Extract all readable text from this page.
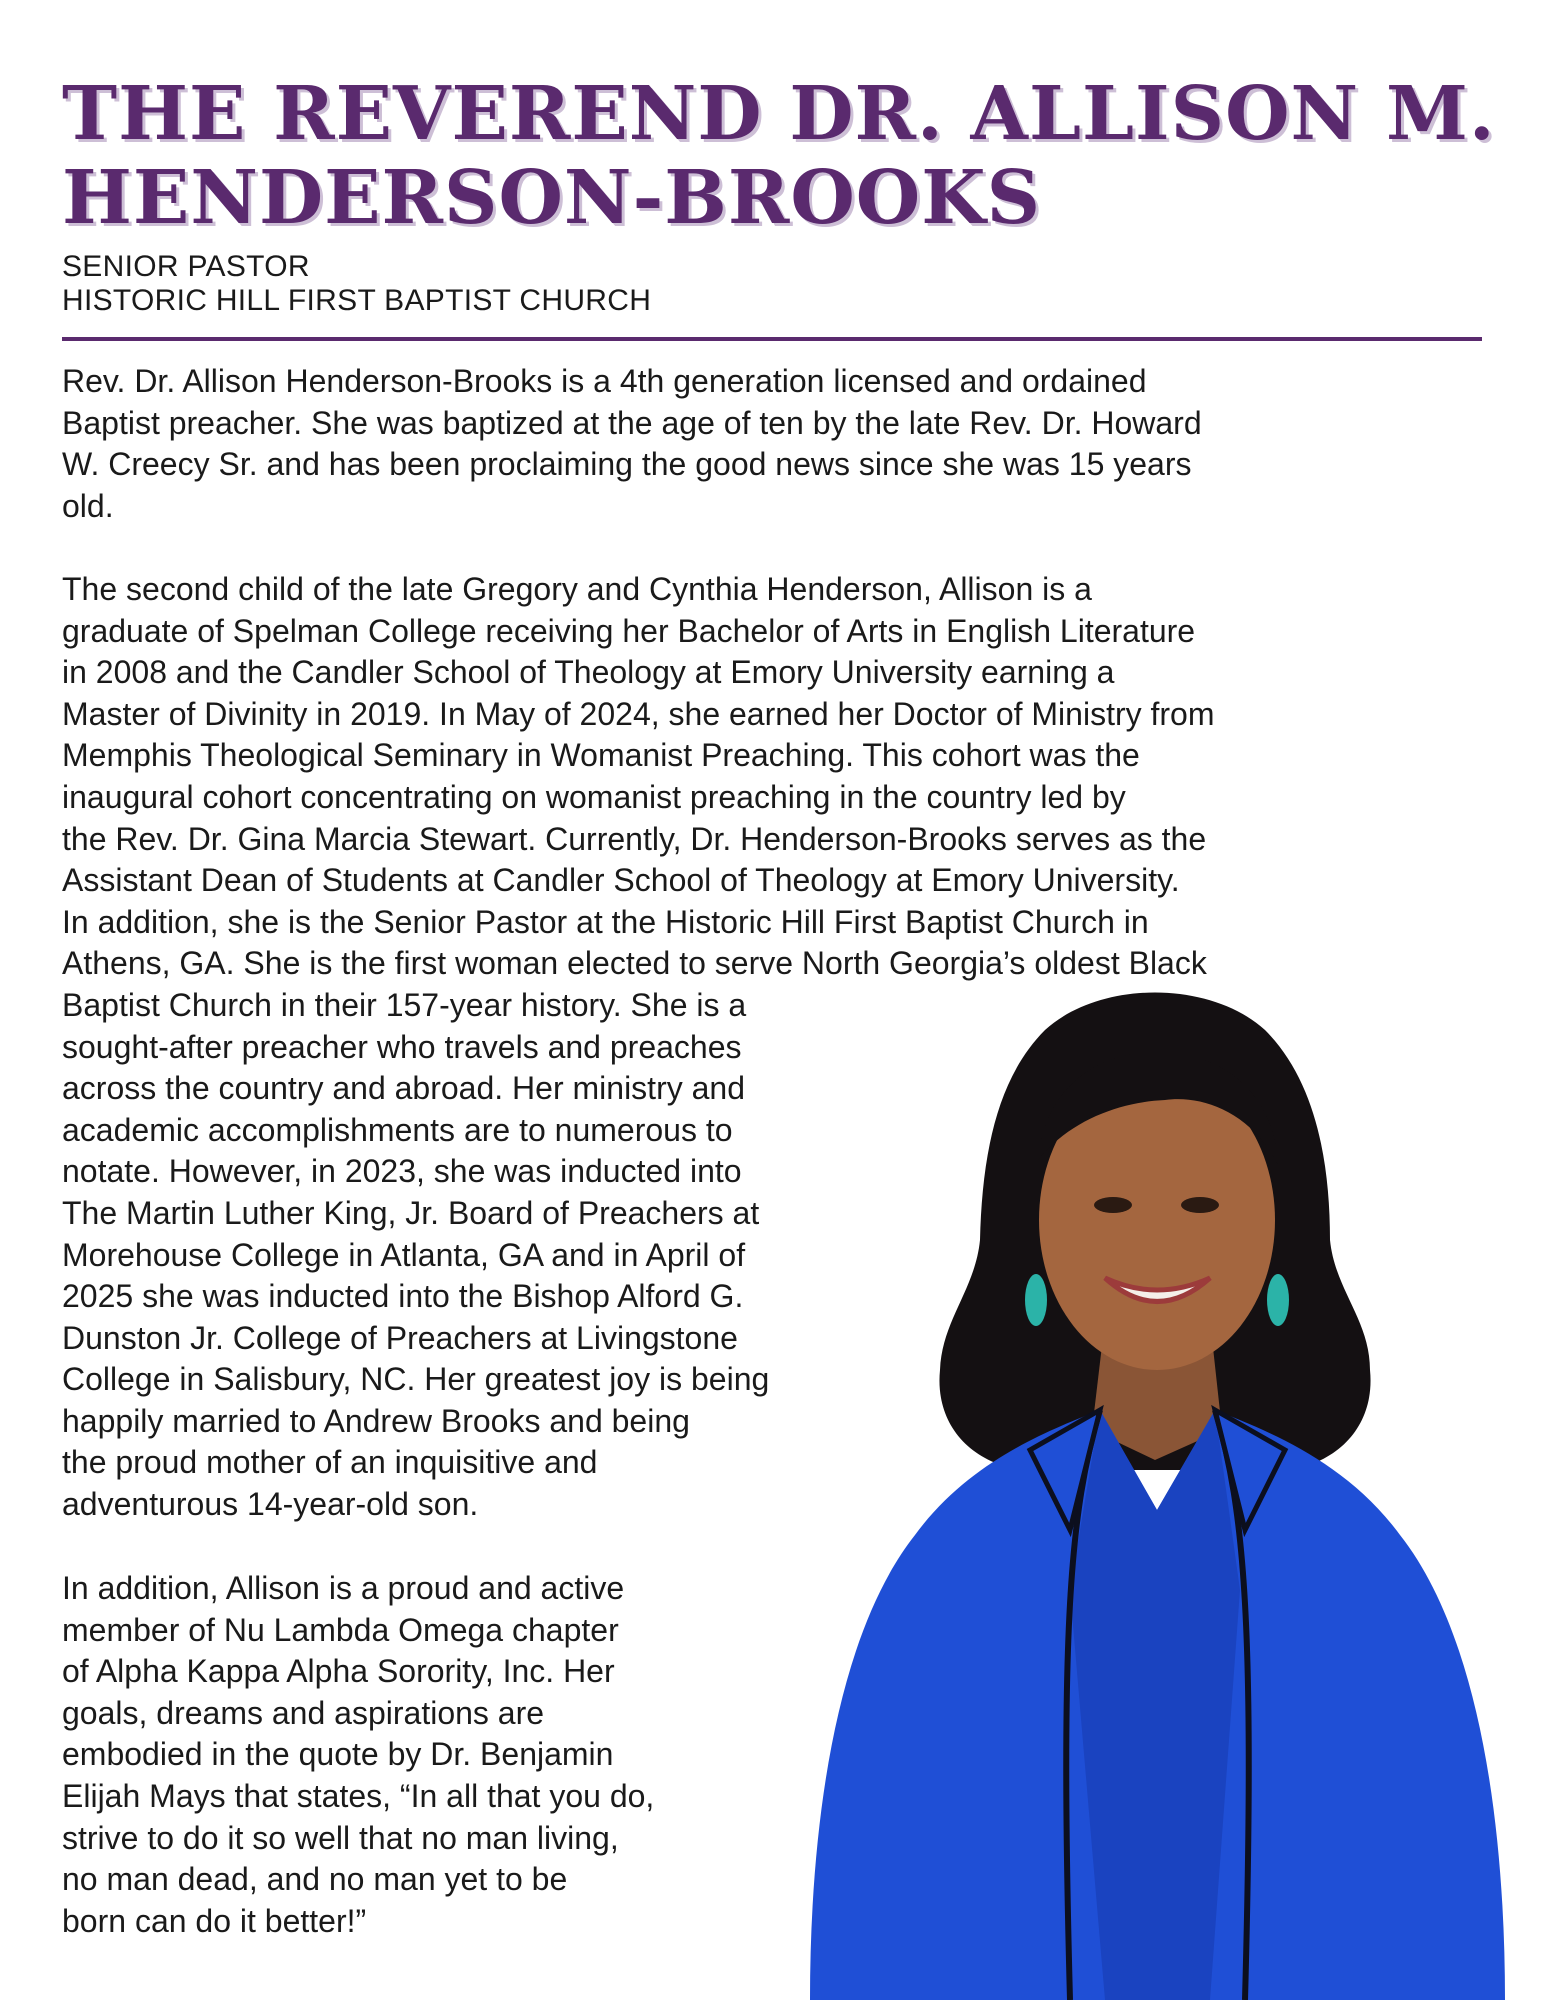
THE REVEREND DR. ALLISON M.
HENDERSON-BROOKS
SENIOR PASTOR
HISTORIC HILL FIRST BAPTIST CHURCH

Rev. Dr. Allison Henderson-Brooks is a 4th generation licensed and ordained
Baptist preacher. She was baptized at the age of ten by the late Rev. Dr. Howard
W. Creecy Sr. and has been proclaiming the good news since she was 15 years
old.

The second child of the late Gregory and Cynthia Henderson, Allison is a
graduate of Spelman College receiving her Bachelor of Arts in English Literature
in 2008 and the Candler School of Theology at Emory University earning a
Master of Divinity in 2019. In May of 2024, she earned her Doctor of Ministry from
Memphis Theological Seminary in Womanist Preaching. This cohort was the
inaugural cohort concentrating on womanist preaching in the country led by
the Rev. Dr. Gina Marcia Stewart. Currently, Dr. Henderson-Brooks serves as the
Assistant Dean of Students at Candler School of Theology at Emory University.
In addition, she is the Senior Pastor at the Historic Hill First Baptist Church in
Athens, GA. She is the first woman elected to serve North Georgia’s oldest Black
Baptist Church in their 157-year history. She is a
sought-after preacher who travels and preaches
across the country and abroad. Her ministry and
academic accomplishments are to numerous to
notate. However, in 2023, she was inducted into
The Martin Luther King, Jr. Board of Preachers at
Morehouse College in Atlanta, GA and in April of
2025 she was inducted into the Bishop Alford G.
Dunston Jr. College of Preachers at Livingstone
College in Salisbury, NC. Her greatest joy is being
happily married to Andrew Brooks and being
the proud mother of an inquisitive and
adventurous 14-year-old son.

In addition, Allison is a proud and active
member of Nu Lambda Omega chapter
of Alpha Kappa Alpha Sorority, Inc. Her
goals, dreams and aspirations are
embodied in the quote by Dr. Benjamin
Elijah Mays that states, “In all that you do,
strive to do it so well that no man living,
no man dead, and no man yet to be
born can do it better!”
